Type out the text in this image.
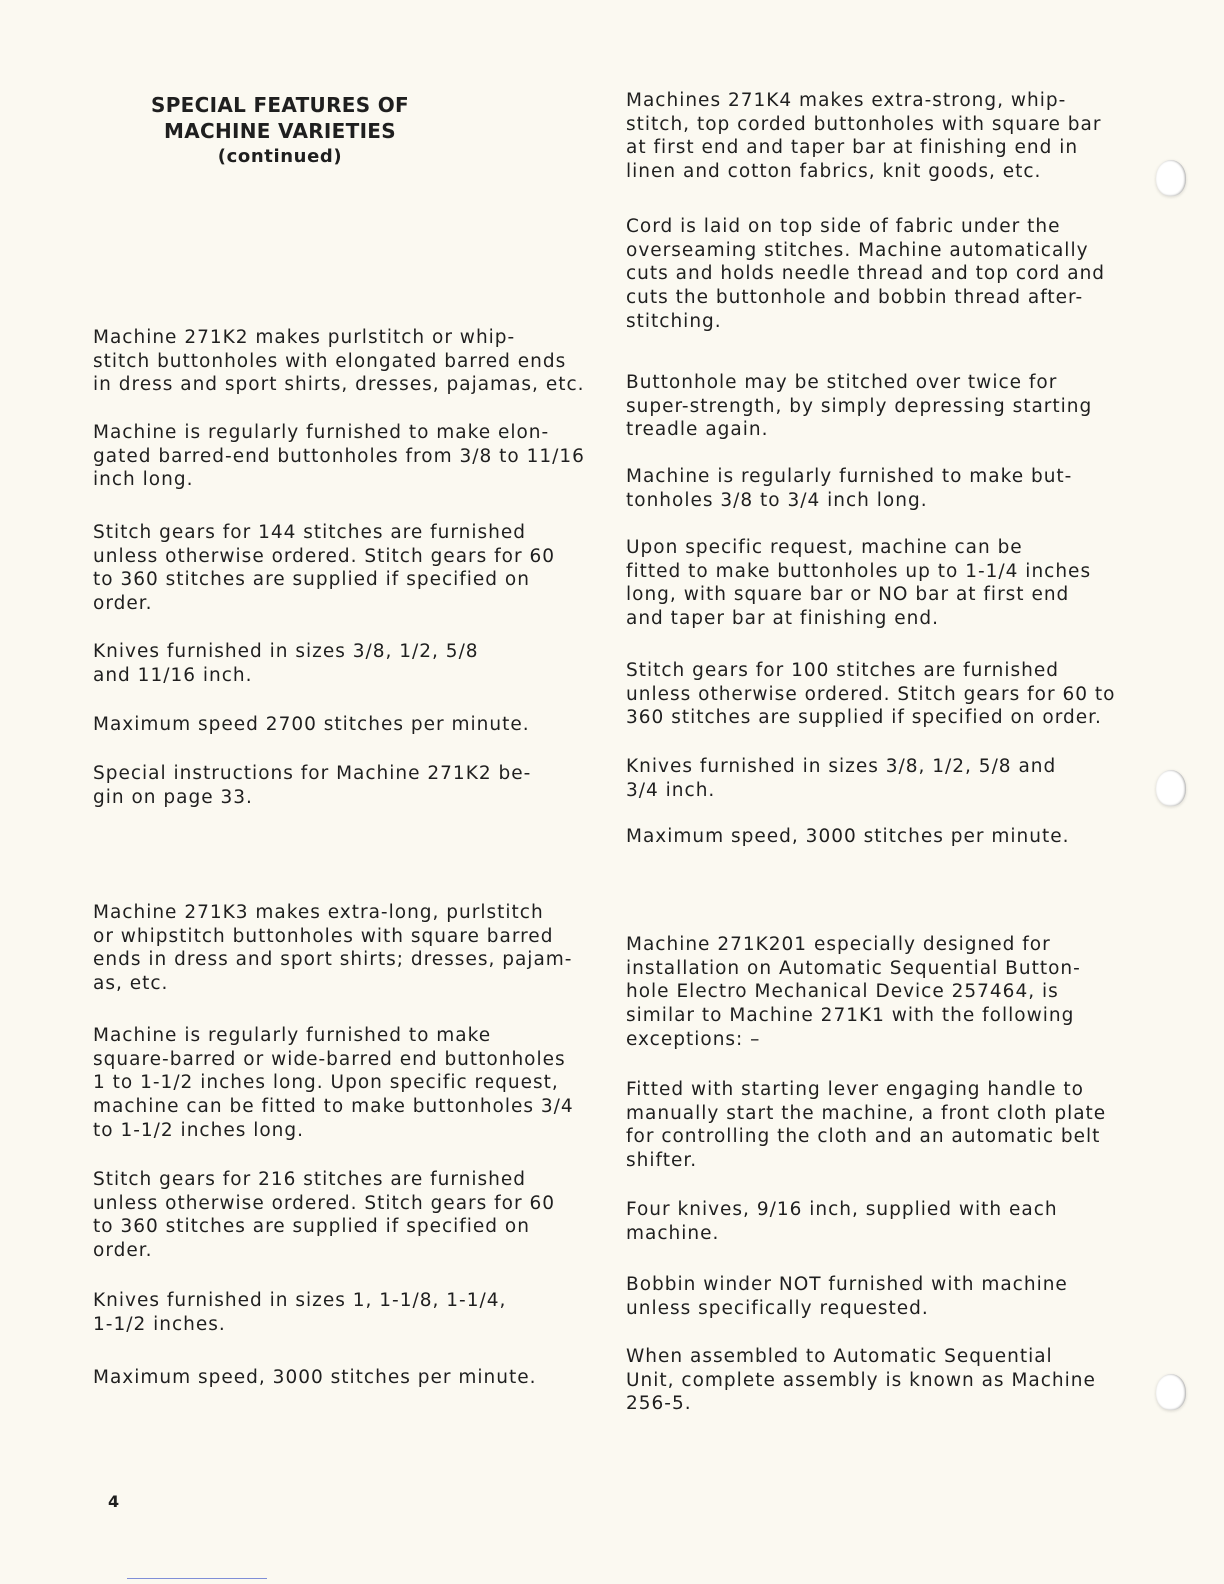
SPECIAL FEATURES OF
MACHINE VARIETIES
(continued)

Machine 271K2 makes purlstitch or whip-
stitch buttonholes with elongated barred ends
in dress and sport shirts, dresses, pajamas, etc.

Machine is regularly furnished to make elon-
gated barred-end buttonholes from 3/8 to 11/16
inch long.

Stitch gears for 144 stitches are furnished
unless otherwise ordered. Stitch gears for 60
to 360 stitches are supplied if specified on
order.

Knives furnished in sizes 3/8, 1/2, 5/8
and 11/16 inch.

Maximum speed 2700 stitches per minute.

Special instructions for Machine 271K2 be-
gin on page 33.

Machine 271K3 makes extra-long, purlstitch
or whipstitch buttonholes with square barred
ends in dress and sport shirts; dresses, pajam-
as, etc.

Machine is regularly furnished to make
square-barred or wide-barred end buttonholes
1 to 1-1/2 inches long. Upon specific request,
machine can be fitted to make buttonholes 3/4
to 1-1/2 inches long.

Stitch gears for 216 stitches are furnished
unless otherwise ordered. Stitch gears for 60
to 360 stitches are supplied if specified on
order.

Knives furnished in sizes 1, 1-1/8, 1-1/4,
1-1/2 inches.

Maximum speed, 3000 stitches per minute.

Machines 271K4 makes extra-strong, whip-
stitch, top corded buttonholes with square bar
at first end and taper bar at finishing end in
linen and cotton fabrics, knit goods, etc.

Cord is laid on top side of fabric under the
overseaming stitches. Machine automatically
cuts and holds needle thread and top cord and
cuts the buttonhole and bobbin thread after-
stitching.

Buttonhole may be stitched over twice for
super-strength, by simply depressing starting
treadle again.

Machine is regularly furnished to make but-
tonholes 3/8 to 3/4 inch long.

Upon specific request, machine can be
fitted to make buttonholes up to 1-1/4 inches
long, with square bar or NO bar at first end
and taper bar at finishing end.

Stitch gears for 100 stitches are furnished
unless otherwise ordered. Stitch gears for 60 to
360 stitches are supplied if specified on order.

Knives furnished in sizes 3/8, 1/2, 5/8 and
3/4 inch.

Maximum speed, 3000 stitches per minute.

Machine 271K201 especially designed for
installation on Automatic Sequential Button-
hole Electro Mechanical Device 257464, is
similar to Machine 271K1 with the following
exceptions: –

Fitted with starting lever engaging handle to
manually start the machine, a front cloth plate
for controlling the cloth and an automatic belt
shifter.

Four knives, 9/16 inch, supplied with each
machine.

Bobbin winder NOT furnished with machine
unless specifically requested.

When assembled to Automatic Sequential
Unit, complete assembly is known as Machine
256-5.

4
